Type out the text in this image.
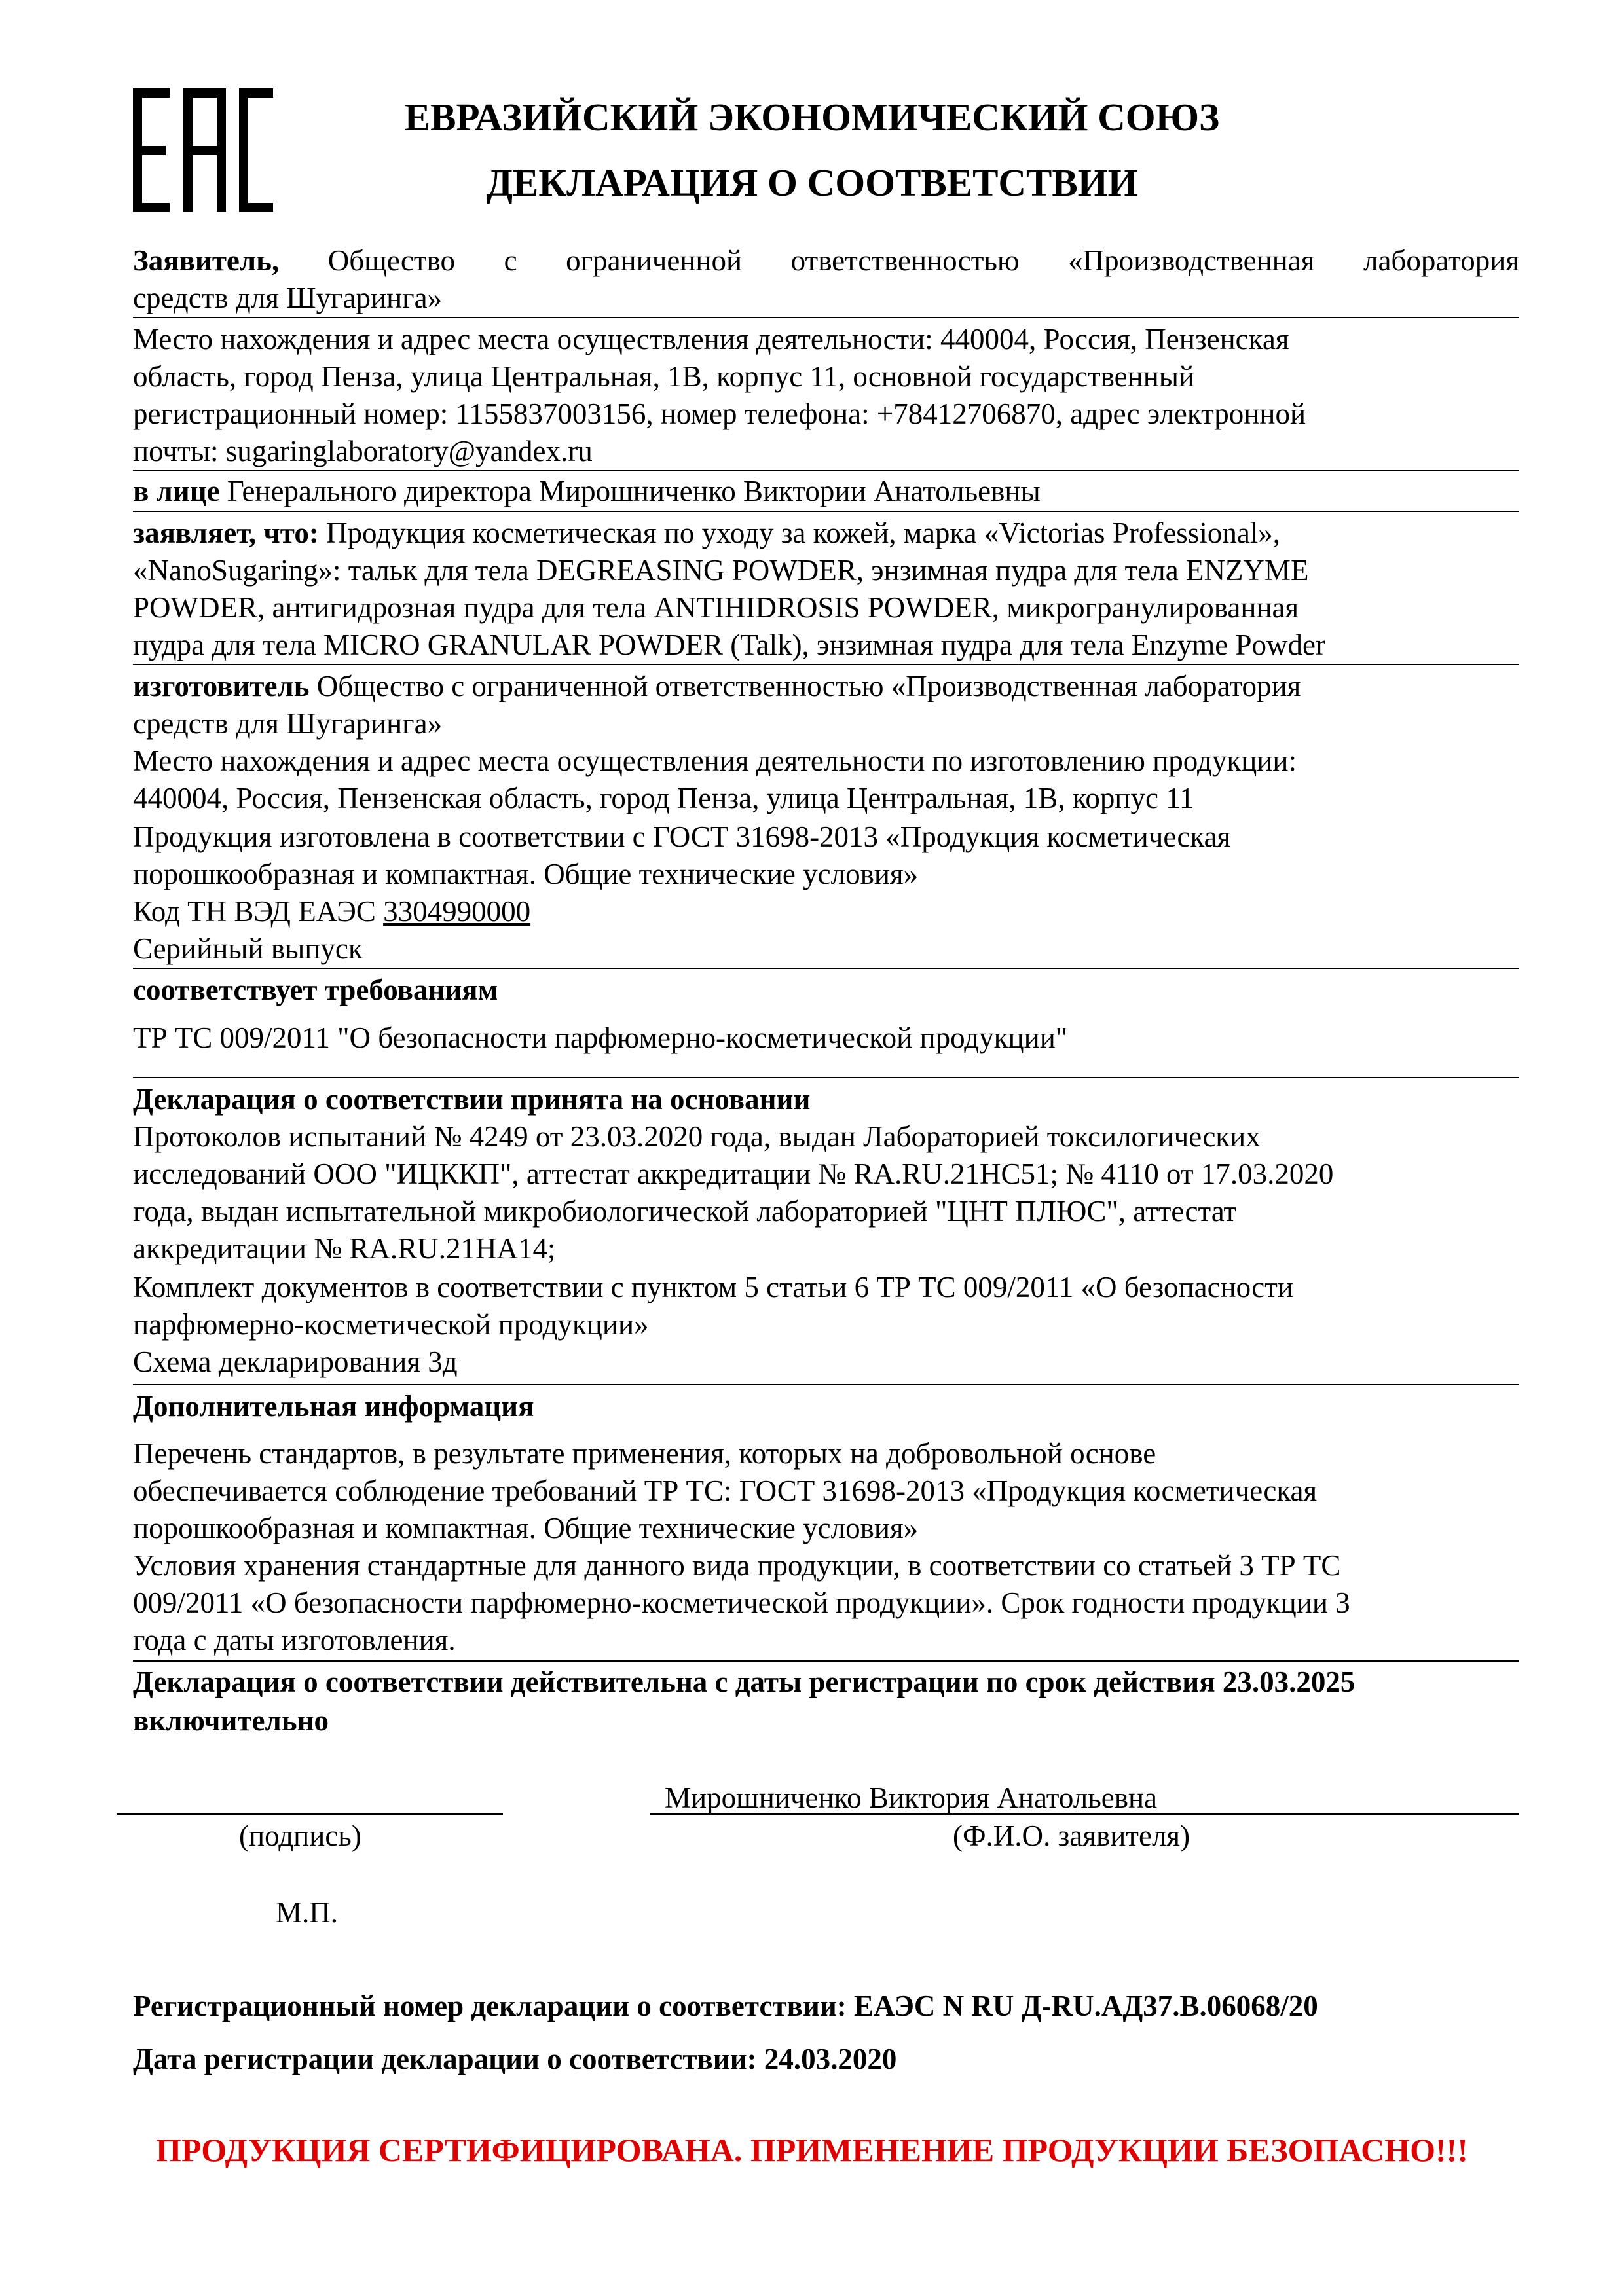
ЕВРАЗИЙСКИЙ ЭКОНОМИЧЕСКИЙ СОЮЗ
ДЕКЛАРАЦИЯ О СООТВЕТСТВИИ
Заявитель, Общество с ограниченной ответственностью «Производственная лаборатория
средств для Шугаринга»
Место нахождения и адрес места осуществления деятельности: 440004, Россия, Пензенская
область, город Пенза, улица Центральная, 1В, корпус 11, основной государственный
регистрационный номер: 1155837003156, номер телефона: +78412706870, адрес электронной
почты: sugaringlaboratory@yandex.ru
в лице Генерального директора Мирошниченко Виктории Анатольевны
заявляет, что: Продукция косметическая по уходу за кожей, марка «Victorias Professional»,
«NanoSugaring»: тальк для тела DEGREASING POWDER, энзимная пудра для тела ENZYME
POWDER, антигидрозная пудра для тела ANTIHIDROSIS POWDER, микрогранулированная
пудра для тела MICRO GRANULAR POWDER (Talk), энзимная пудра для тела Enzyme Powder
изготовитель Общество с ограниченной ответственностью «Производственная лаборатория
средств для Шугаринга»
Место нахождения и адрес места осуществления деятельности по изготовлению продукции:
440004, Россия, Пензенская область, город Пенза, улица Центральная, 1В, корпус 11
Продукция изготовлена в соответствии с ГОСТ 31698-2013 «Продукция косметическая
порошкообразная и компактная. Общие технические условия»
Код ТН ВЭД ЕАЭС 3304990000
Серийный выпуск
соответствует требованиям
ТР ТС 009/2011 "О безопасности парфюмерно-косметической продукции"
Декларация о соответствии принята на основании
Протоколов испытаний № 4249 от 23.03.2020 года, выдан Лабораторией токсилогических
исследований ООО "ИЦККП", аттестат аккредитации № RA.RU.21НС51; № 4110 от 17.03.2020
года, выдан испытательной микробиологической лабораторией "ЦНТ ПЛЮС", аттестат
аккредитации № RA.RU.21НА14;
Комплект документов в соответствии с пунктом 5 статьи 6 ТР ТС 009/2011 «О безопасности
парфюмерно-косметической продукции»
Схема декларирования 3д
Дополнительная информация
Перечень стандартов, в результате применения, которых на добровольной основе
обеспечивается соблюдение требований ТР ТС: ГОСТ 31698-2013 «Продукция косметическая
порошкообразная и компактная. Общие технические условия»
Условия хранения стандартные для данного вида продукции, в соответствии со статьей 3 ТР ТС
009/2011 «О безопасности парфюмерно-косметической продукции». Срок годности продукции 3
года с даты изготовления.
Декларация о соответствии действительна с даты регистрации по срок действия 23.03.2025
включительно
Мирошниченко Виктория Анатольевна
(подпись)	(Ф.И.О. заявителя)
М.П.
Регистрационный номер декларации о соответствии: ЕАЭС N RU Д-RU.АД37.В.06068/20
Дата регистрации декларации о соответствии: 24.03.2020
ПРОДУКЦИЯ СЕРТИФИЦИРОВАНА. ПРИМЕНЕНИЕ ПРОДУКЦИИ БЕЗОПАСНО!!!
